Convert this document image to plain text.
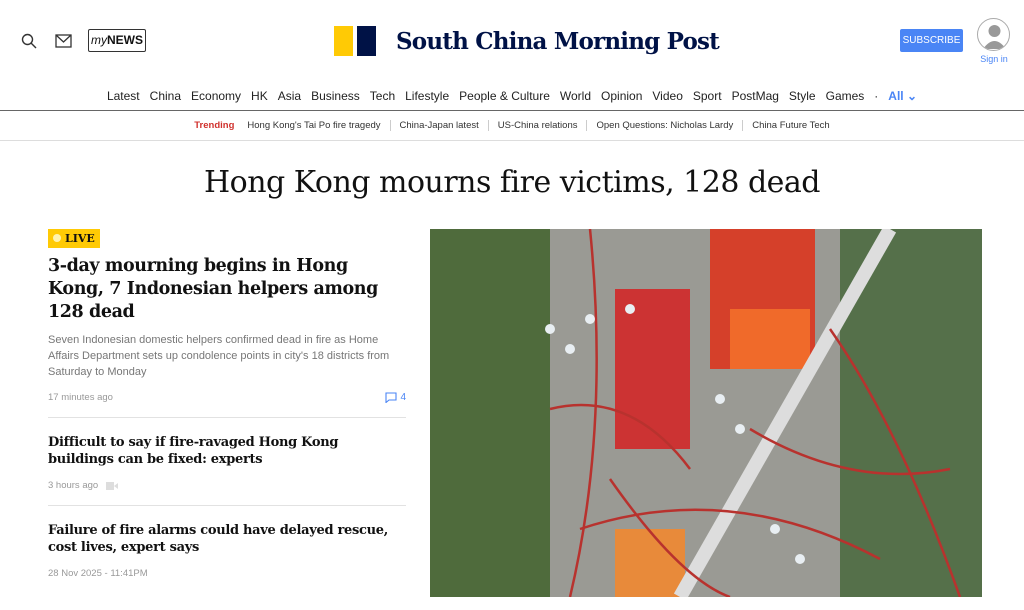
myNEWS	South China Morning Post	SUBSCRIBE
Sign in
Latest China Economy HK Asia Business Tech Lifestyle People & Culture World Opinion Video Sport PostMag Style Games · All ⌄
Trending	Hong Kong's Tai Po fire tragedy	China-Japan latest	US-China relations	Open Questions: Nicholas Lardy	China Future Tech
Hong Kong mourns fire victims, 128 dead
LIVE
3-day mourning begins in Hong Kong, 7 Indonesian helpers among 128 dead
Seven Indonesian domestic helpers confirmed dead in fire as Home Affairs Department sets up condolence points in city's 18 districts from Saturday to Monday
17 minutes ago	4
Difficult to say if fire-ravaged Hong Kong buildings can be fixed: experts
3 hours ago
Failure of fire alarms could have delayed rescue, cost lives, expert says
28 Nov 2025 - 11:41PM
